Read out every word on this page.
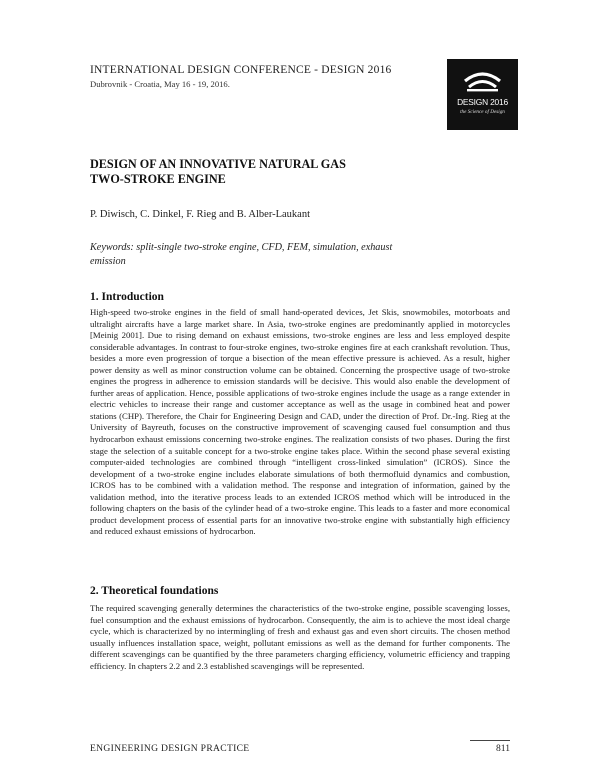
INTERNATIONAL DESIGN CONFERENCE - DESIGN 2016
Dubrovnik - Croatia, May 16 - 19, 2016.
DESIGN 2016
the Science of Design
DESIGN OF AN INNOVATIVE NATURAL GAS
TWO-STROKE ENGINE
P. Diwisch, C. Dinkel, F. Rieg and B. Alber-Laukant
Keywords: split-single two-stroke engine, CFD, FEM, simulation, exhaust emission
1. Introduction
High-speed two-stroke engines in the field of small hand-operated devices, Jet Skis, snowmobiles, motorboats and ultralight aircrafts have a large market share. In Asia, two-stroke engines are predominantly applied in motorcycles [Meinig 2001]. Due to rising demand on exhaust emissions, two-stroke engines are less and less employed despite considerable advantages. In contrast to four-stroke engines, two-stroke engines fire at each crankshaft revolution. Thus, besides a more even progression of torque a bisection of the mean effective pressure is achieved. As a result, higher power density as well as minor construction volume can be obtained. Concerning the prospective usage of two-stroke engines the progress in adherence to emission standards will be decisive. This would also enable the development of further areas of application. Hence, possible applications of two-stroke engines include the usage as a range extender in electric vehicles to increase their range and customer acceptance as well as the usage in combined heat and power stations (CHP). Therefore, the Chair for Engineering Design and CAD, under the direction of Prof. Dr.-Ing. Rieg at the University of Bayreuth, focuses on the constructive improvement of scavenging caused fuel consumption and thus hydrocarbon exhaust emissions concerning two-stroke engines. The realization consists of two phases. During the first stage the selection of a suitable concept for a two-stroke engine takes place. Within the second phase several existing computer-aided technologies are combined through “intelligent cross-linked simulation” (ICROS). Since the development of a two-stroke engine includes elaborate simulations of both thermofluid dynamics and combustion, ICROS has to be combined with a validation method. The response and integration of information, gained by the validation method, into the iterative process leads to an extended ICROS method which will be introduced in the following chapters on the basis of the cylinder head of a two-stroke engine. This leads to a faster and more economical product development process of essential parts for an innovative two-stroke engine with substantially high efficiency and reduced exhaust emissions of hydrocarbon.
2. Theoretical foundations
The required scavenging generally determines the characteristics of the two-stroke engine, possible scavenging losses, fuel consumption and the exhaust emissions of hydrocarbon. Consequently, the aim is to achieve the most ideal charge cycle, which is characterized by no intermingling of fresh and exhaust gas and even short circuits. The chosen method usually influences installation space, weight, pollutant emissions as well as the demand for further components. The different scavengings can be quantified by the three parameters charging efficiency, volumetric efficiency and trapping efficiency. In chapters 2.2 and 2.3 established scavengings will be represented.
ENGINEERING DESIGN PRACTICE	811
